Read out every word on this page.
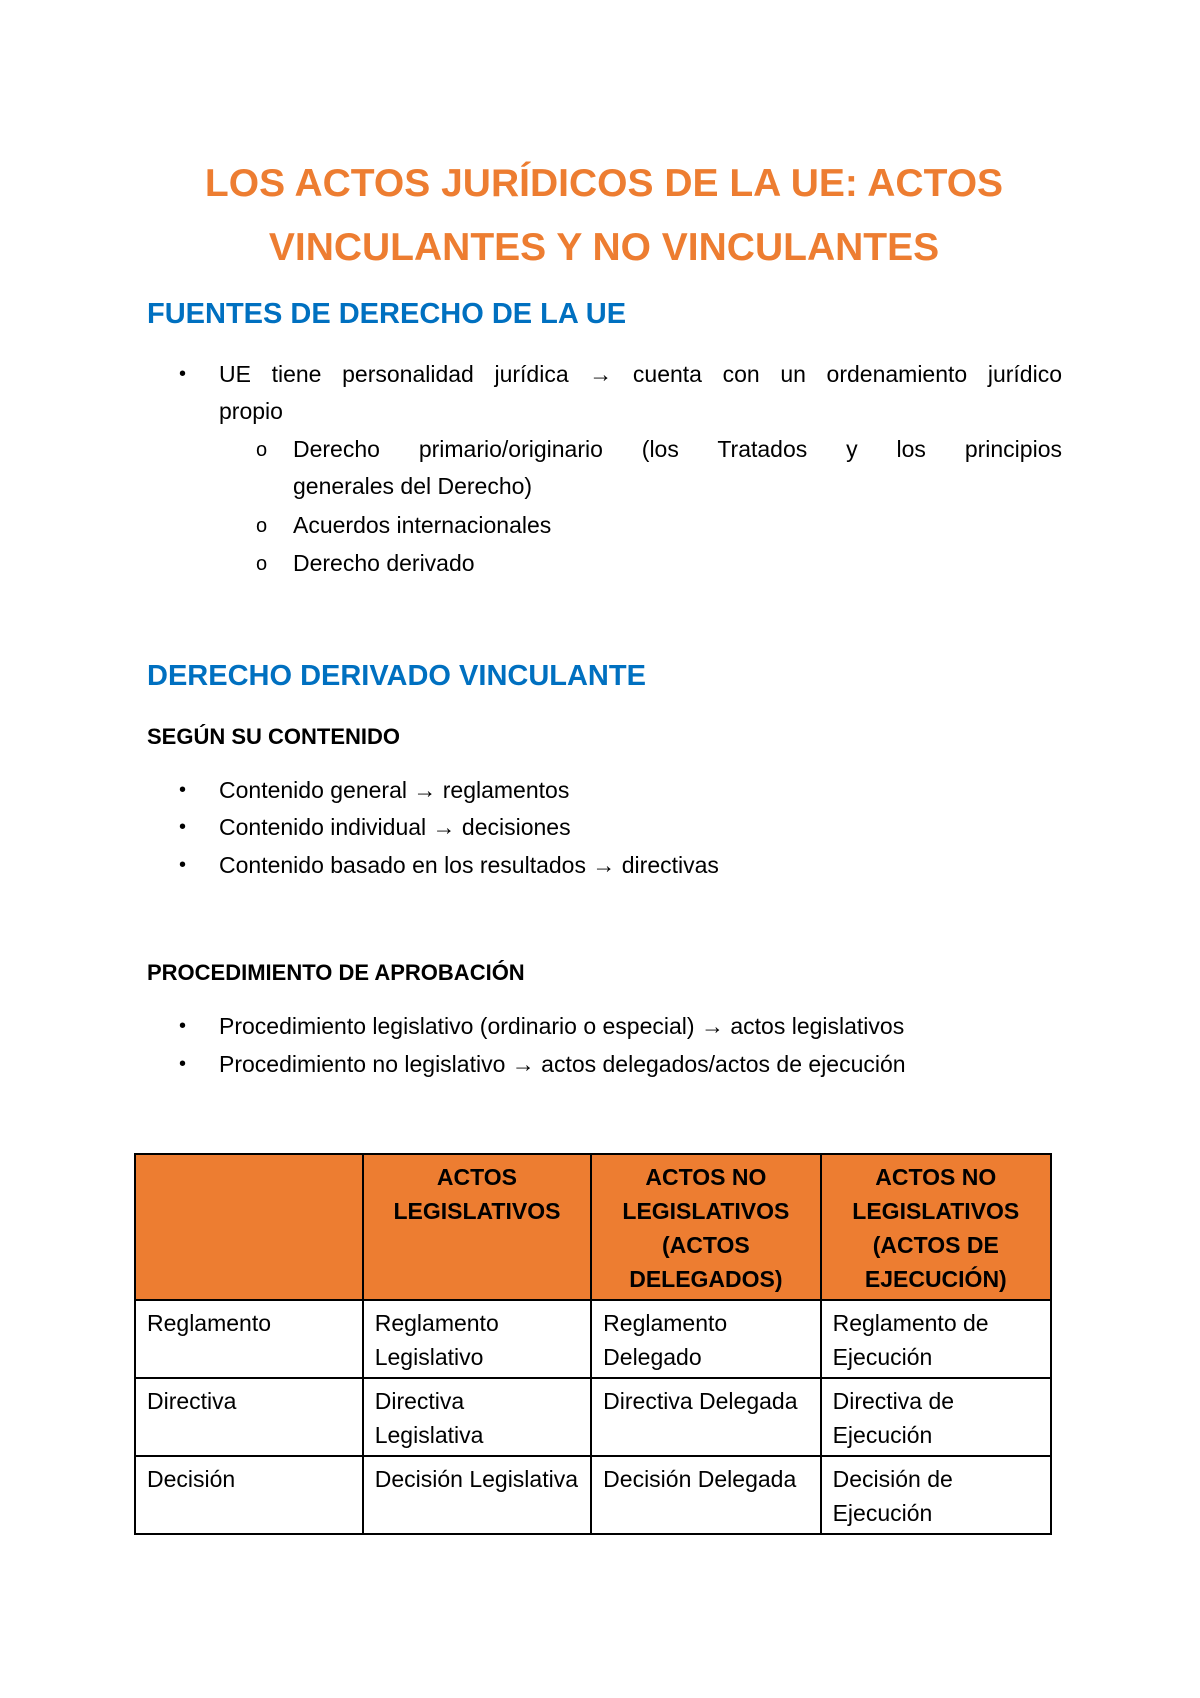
LOS ACTOS JURÍDICOS DE LA UE: ACTOS
VINCULANTES Y NO VINCULANTES
FUENTES DE DERECHO DE LA UE
•	UE tiene personalidad jurídica → cuenta con un ordenamiento jurídico
propio
o	Derecho primario/originario (los Tratados y los principios
generales del Derecho)
o	Acuerdos internacionales
o	Derecho derivado
DERECHO DERIVADO VINCULANTE
SEGÚN SU CONTENIDO
•	Contenido general → reglamentos
•	Contenido individual → decisiones
•	Contenido basado en los resultados → directivas
PROCEDIMIENTO DE APROBACIÓN
•	Procedimiento legislativo (ordinario o especial) → actos legislativos
•	Procedimiento no legislativo → actos delegados/actos de ejecución
	ACTOS LEGISLATIVOS	ACTOS NO LEGISLATIVOS (ACTOS DELEGADOS)	ACTOS NO LEGISLATIVOS (ACTOS DE EJECUCIÓN)
Reglamento	Reglamento Legislativo	Reglamento Delegado	Reglamento de Ejecución
Directiva	Directiva Legislativa	Directiva Delegada	Directiva de Ejecución
Decisión	Decisión Legislativa	Decisión Delegada	Decisión de Ejecución
